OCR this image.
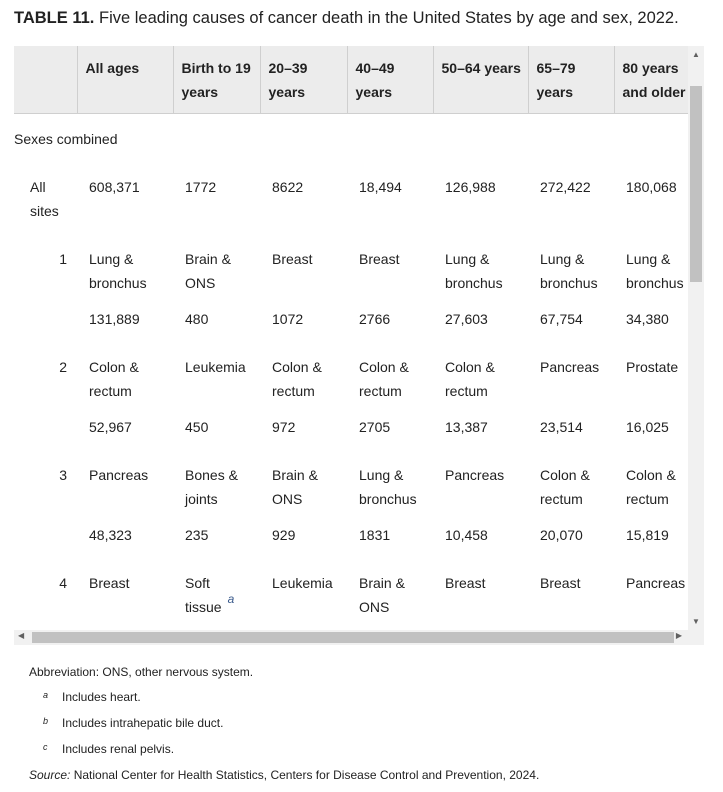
TABLE 11. Five leading causes of cancer death in the United States by age and sex, 2022.
	All ages	Birth to 19 years	20–39 years	40–49 years	50–64 years	65–79 years	80 years and older
Sexes combined							
All sites	608,371	1772	8622	18,494	126,988	272,422	180,068
1	Lung & bronchus	Brain & ONS	Breast	Breast	Lung & bronchus	Lung & bronchus	Lung & bronchus
	131,889	480	1072	2766	27,603	67,754	34,380
2	Colon & rectum	Leukemia	Colon & rectum	Colon & rectum	Colon & rectum	Pancreas	Prostate
	52,967	450	972	2705	13,387	23,514	16,025
3	Pancreas	Bones & joints	Brain & ONS	Lung & bronchus	Pancreas	Colon & rectum	Colon & rectum
	48,323	235	929	1831	10,458	20,070	15,819
4	Breast	Soft tissue a	Leukemia	Brain & ONS	Breast	Breast	Pancreas

▲
▼
◀	▶
Abbreviation: ONS, other nervous system.
a Includes heart.
b Includes intrahepatic bile duct.
c Includes renal pelvis.
Source: National Center for Health Statistics, Centers for Disease Control and Prevention, 2024.
